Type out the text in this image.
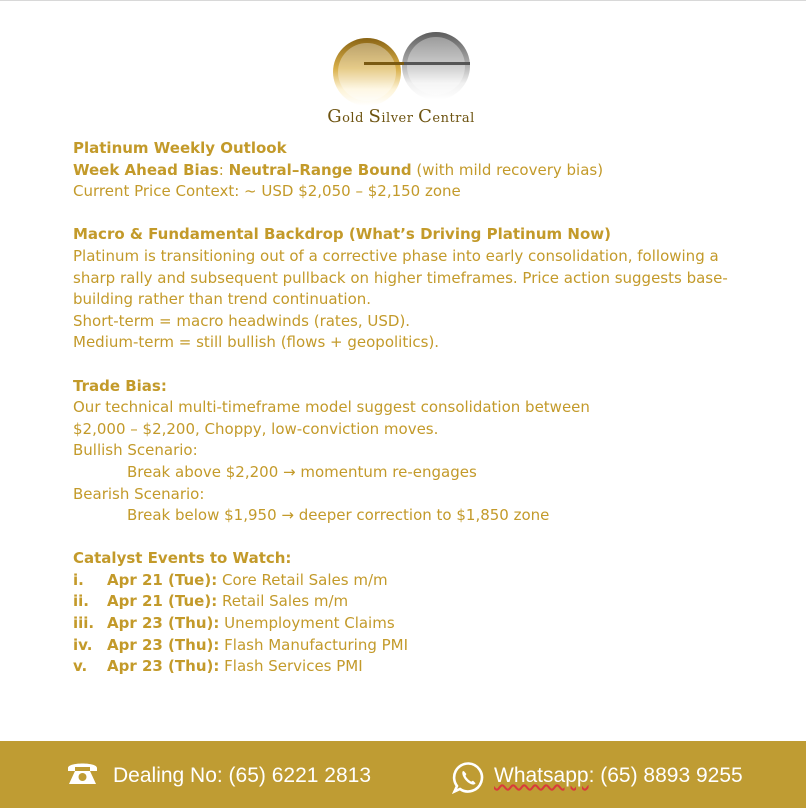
Gold Silver Central
Platinum Weekly Outlook
Week Ahead Bias: Neutral–Range Bound (with mild recovery bias)
Current Price Context: ~ USD $2,050 – $2,150 zone
Macro & Fundamental Backdrop (What’s Driving Platinum Now)
Platinum is transitioning out of a corrective phase into early consolidation, following a sharp rally and subsequent pullback on higher timeframes. Price action suggests base-building rather than trend continuation.
Short-term = macro headwinds (rates, USD).
Medium-term = still bullish (flows + geopolitics).
Trade Bias:
Our technical multi-timeframe model suggest consolidation between
$2,000 – $2,200, Choppy, low-conviction moves.
Bullish Scenario:
Break above $2,200 → momentum re-engages
Bearish Scenario:
Break below $1,950 → deeper correction to $1,850 zone
Catalyst Events to Watch:
i.	Apr 21 (Tue): Core Retail Sales m/m
ii.	Apr 21 (Tue): Retail Sales m/m
iii. Apr 23 (Thu): Unemployment Claims
iv. Apr 23 (Thu): Flash Manufacturing PMI
v.	Apr 23 (Thu): Flash Services PMI
Dealing No: (65) 6221 2813	Whatsapp: (65) 8893 9255
